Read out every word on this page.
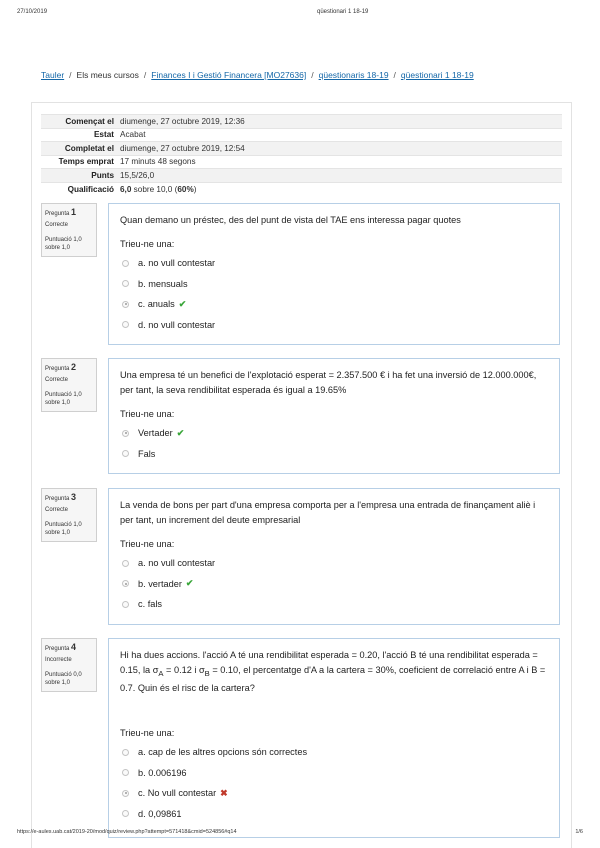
27/10/2019	qüestionari 1 18-19
Tauler / Els meus cursos / Finances I i Gestió Financera [MO27636] / qüestionaris 18-19 / qüestionari 1 18-19
Començat el	diumenge, 27 octubre 2019, 12:36
Estat	Acabat
Completat el	diumenge, 27 octubre 2019, 12:54
Temps emprat	17 minuts 48 segons
Punts	15,5/26,0
Qualificació	6,0 sobre 10,0 (60%)
Pregunta 1
Correcte
Puntuació 1,0
sobre 1,0
Quan demano un préstec, des del punt de vista del TAE ens interessa pagar quotes
Trieu-ne una:
a. no vull contestar
b. mensuals
c. anuals ✔
d. no vull contestar
Pregunta 2
Correcte
Puntuació 1,0
sobre 1,0
Una empresa té un benefici de l'explotació esperat = 2.357.500 € i ha fet una inversió de 12.000.000€, per tant, la seva rendibilitat esperada és igual a 19.65%
Trieu-ne una:
Vertader ✔
Fals
Pregunta 3
Correcte
Puntuació 1,0
sobre 1,0
La venda de bons per part d'una empresa comporta per a l'empresa una entrada de finançament aliè i per tant, un increment del deute empresarial
Trieu-ne una:
a. no vull contestar
b. vertader ✔
c. fals
Pregunta 4
Incorrecte
Puntuació 0,0
sobre 1,0
Hi ha dues accions. l'acció A té una rendibilitat esperada = 0.20, l'acció B té una rendibilitat esperada = 0.15, la $\sigma_A = 0.12$ i $\sigma_B = 0.10$, el percentatge d'A a la cartera = 30%, coeficient de correlació entre A i B = 0.7. Quin és el risc de la cartera?
Trieu-ne una:
a. cap de les altres opcions són correctes
b. 0.006196
c. No vull contestar ✖
d. 0,09861
https://e-aules.uab.cat/2019-20/mod/quiz/review.php?attempt=571418&cmid=524856#q14	1/6
